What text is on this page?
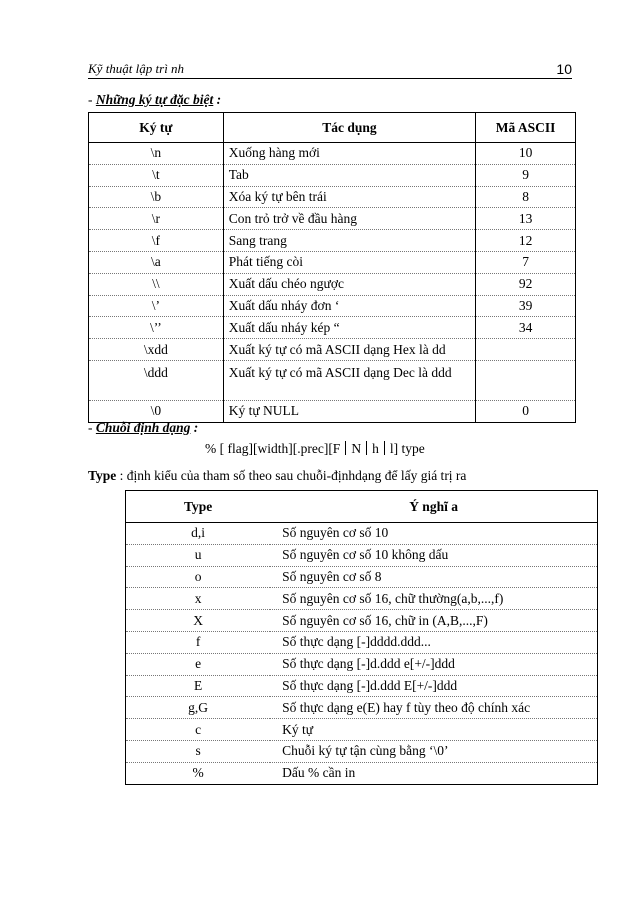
Kỹ thuật lập trì nh	10
- Những ký tự đặc biệt :
Ký tự	Tác dụng	Mã ASCII
\n	Xuống hàng mới	10
\t	Tab	9
\b	Xóa ký tự bên trái	8
\r	Con trỏ trở về đầu hàng	13
\f	Sang trang	12
\a	Phát tiếng còi	7
\\	Xuất dấu chéo ngược	92
\’	Xuất dấu nháy đơn ‘	39
\’’	Xuất dấu nháy kép “	34
\xdd	Xuất ký tự có mã ASCII dạng Hex là dd	
\ddd	Xuất ký tự có mã ASCII dạng Dec là ddd	
\0	Ký tự NULL	0
- Chuỗi định dạng :
% [ flag][width][.prec][F N h l] type
Type : định kiểu của tham số theo sau chuỗi-địnhdạng để lấy giá trị ra
Type	Ý nghĩ a
d,i	Số nguyên cơ số 10
u	Số nguyên cơ số 10 không dấu
o	Số nguyên cơ số 8
x	Số nguyên cơ số 16, chữ thường(a,b,...,f)
X	Số nguyên cơ số 16, chữ in (A,B,...,F)
f	Số thực dạng [-]dddd.ddd...
e	Số thực dạng [-]d.ddd e[+/-]ddd
E	Số thực dạng [-]d.ddd E[+/-]ddd
g,G	Số thực dạng e(E) hay f tùy theo độ chính xác
c	Ký tự
s	Chuỗi ký tự tận cùng bằng ‘\0’
%	Dấu % cần in
